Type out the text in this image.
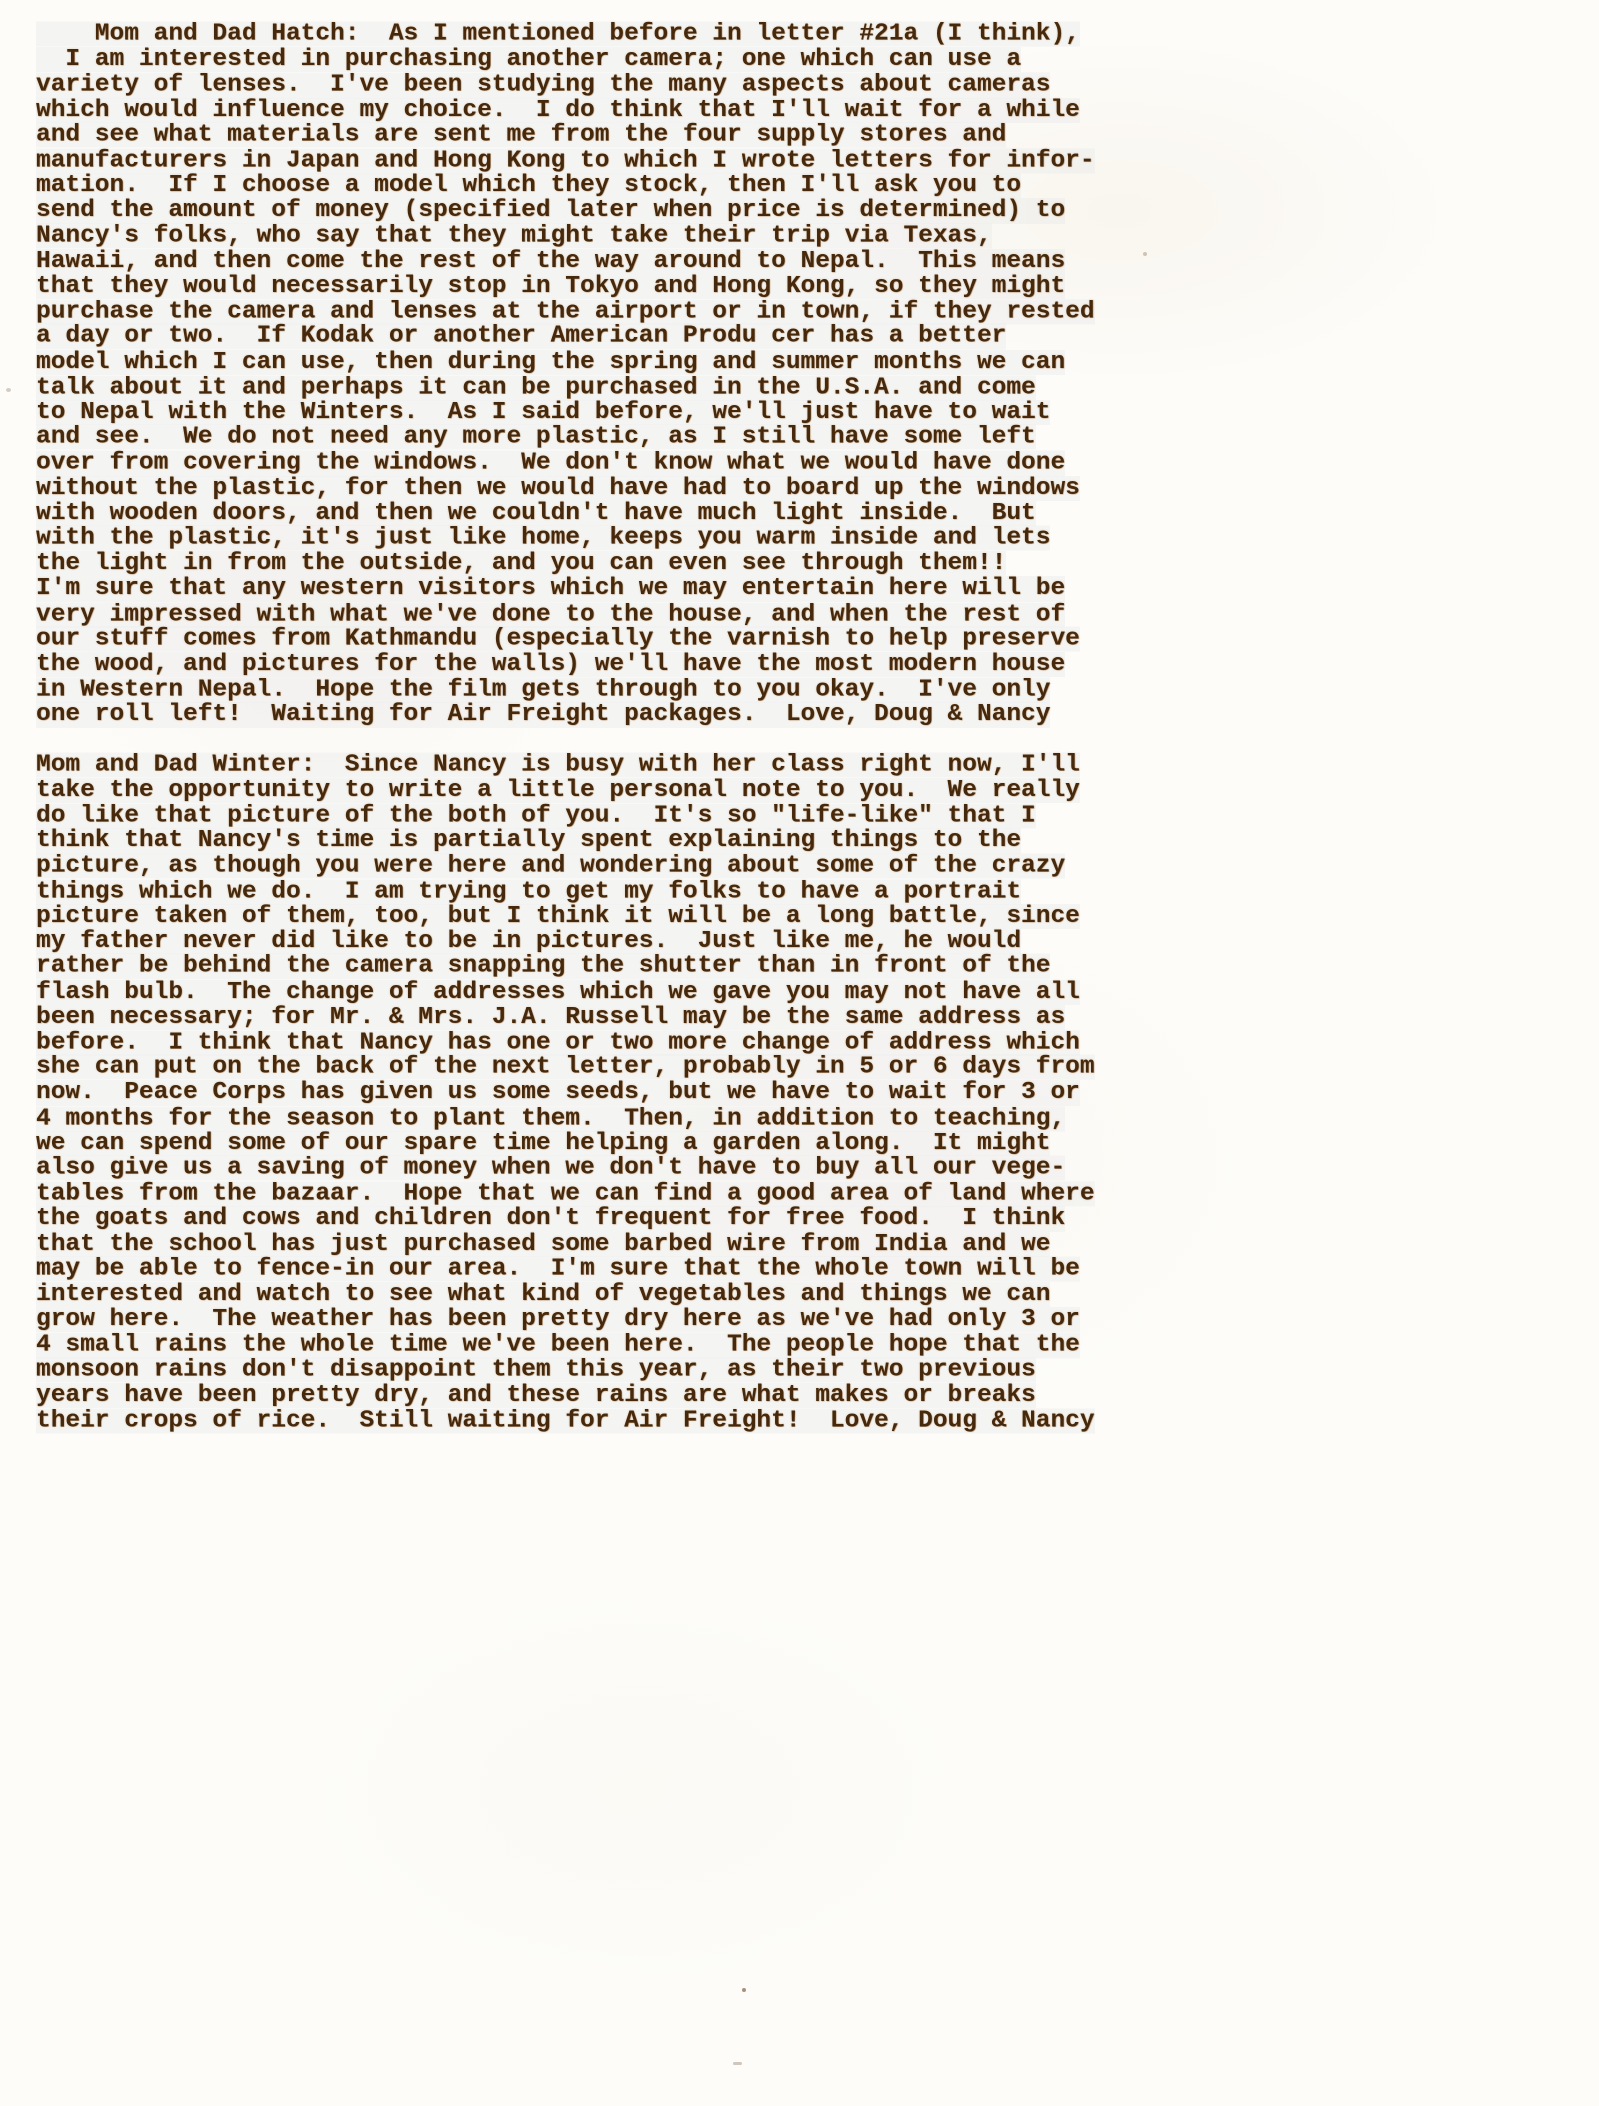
Mom and Dad Hatch:  As I mentioned before in letter #21a (I think),
I am interested in purchasing another camera; one which can use a
variety of lenses.  I've been studying the many aspects about cameras
which would influence my choice.  I do think that I'll wait for a while
and see what materials are sent me from the four supply stores and
manufacturers in Japan and Hong Kong to which I wrote letters for infor-
mation.  If I choose a model which they stock, then I'll ask you to
send the amount of money (specified later when price is determined) to
Nancy's folks, who say that they might take their trip via Texas,
Hawaii, and then come the rest of the way around to Nepal.  This means
that they would necessarily stop in Tokyo and Hong Kong, so they might
purchase the camera and lenses at the airport or in town, if they rested
a day or two.  If Kodak or another American Produ cer has a better
model which I can use, then during the spring and summer months we can
talk about it and perhaps it can be purchased in the U.S.A. and come
to Nepal with the Winters.  As I said before, we'll just have to wait
and see.  We do not need any more plastic, as I still have some left
over from covering the windows.  We don't know what we would have done
without the plastic, for then we would have had to board up the windows
with wooden doors, and then we couldn't have much light inside.  But
with the plastic, it's just like home, keeps you warm inside and lets
the light in from the outside, and you can even see through them!!
I'm sure that any western visitors which we may entertain here will be
very impressed with what we've done to the house, and when the rest of
our stuff comes from Kathmandu (especially the varnish to help preserve
the wood, and pictures for the walls) we'll have the most modern house
in Western Nepal.  Hope the film gets through to you okay.  I've only
one roll left!  Waiting for Air Freight packages.  Love, Doug & Nancy
Mom and Dad Winter:  Since Nancy is busy with her class right now, I'll
take the opportunity to write a little personal note to you.  We really
do like that picture of the both of you.  It's so "life-like" that I
think that Nancy's time is partially spent explaining things to the
picture, as though you were here and wondering about some of the crazy
things which we do.  I am trying to get my folks to have a portrait
picture taken of them, too, but I think it will be a long battle, since
my father never did like to be in pictures.  Just like me, he would
rather be behind the camera snapping the shutter than in front of the
flash bulb.  The change of addresses which we gave you may not have all
been necessary; for Mr. & Mrs. J.A. Russell may be the same address as
before.  I think that Nancy has one or two more change of address which
she can put on the back of the next letter, probably in 5 or 6 days from
now.  Peace Corps has given us some seeds, but we have to wait for 3 or
4 months for the season to plant them.  Then, in addition to teaching,
we can spend some of our spare time helping a garden along.  It might
also give us a saving of money when we don't have to buy all our vege-
tables from the bazaar.  Hope that we can find a good area of land where
the goats and cows and children don't frequent for free food.  I think
that the school has just purchased some barbed wire from India and we
may be able to fence-in our area.  I'm sure that the whole town will be
interested and watch to see what kind of vegetables and things we can
grow here.  The weather has been pretty dry here as we've had only 3 or
4 small rains the whole time we've been here.  The people hope that the
monsoon rains don't disappoint them this year, as their two previous
years have been pretty dry, and these rains are what makes or breaks
their crops of rice.  Still waiting for Air Freight!  Love, Doug & Nancy
